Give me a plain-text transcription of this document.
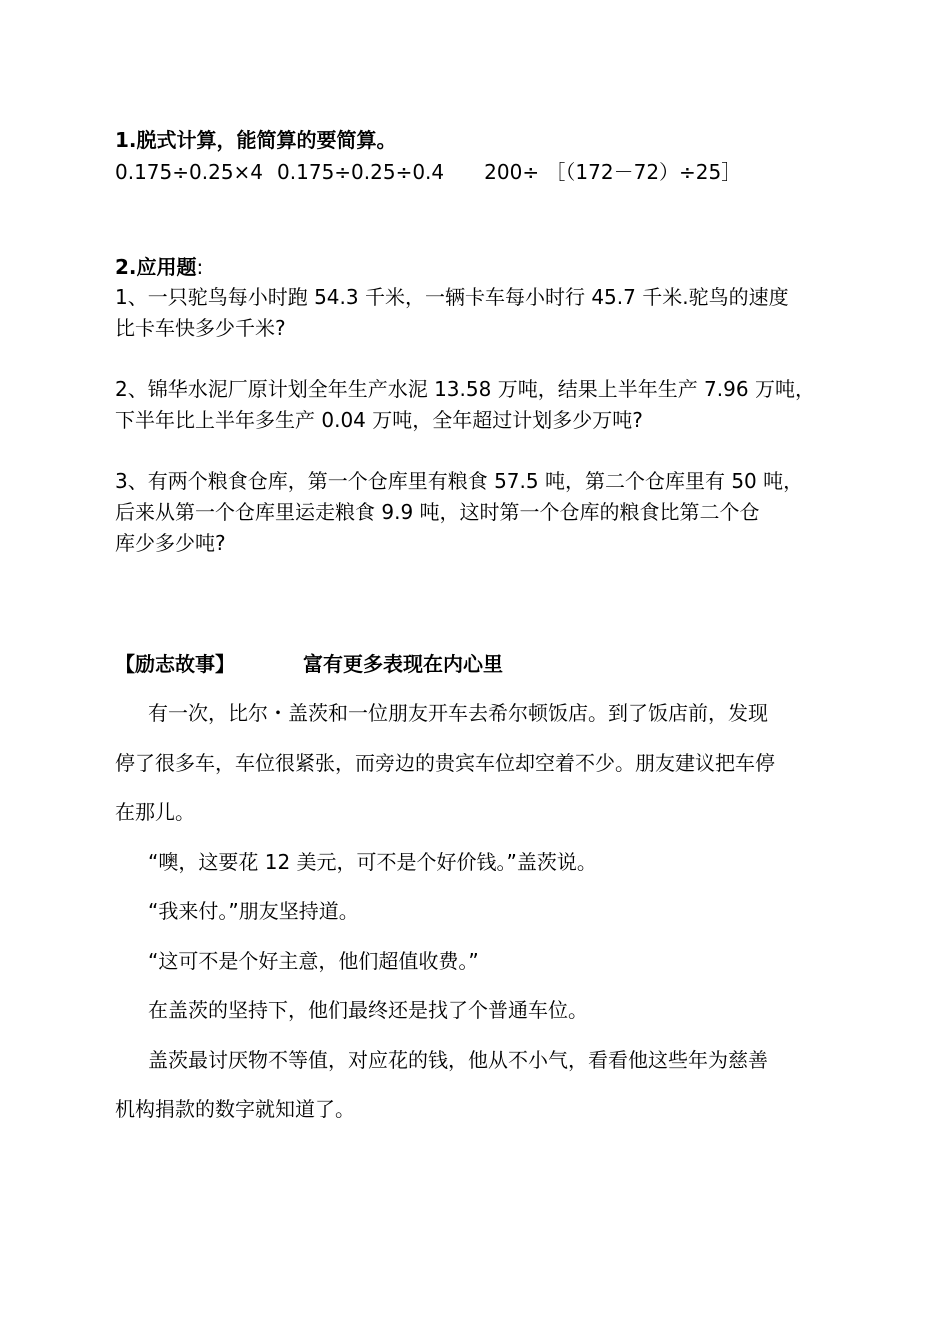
1.脱式计算，能简算的要简算。
0.175÷0.25×4 0.175÷0.25÷0.4 200÷ ［（172－72）÷25］
2.应用题:
1、一只驼鸟每小时跑 54.3 千米，一辆卡车每小时行 45.7 千米.驼鸟的速度
比卡车快多少千米?
2、锦华水泥厂原计划全年生产水泥 13.58 万吨，结果上半年生产 7.96 万吨，
下半年比上半年多生产 0.04 万吨，全年超过计划多少万吨?
3、有两个粮食仓库，第一个仓库里有粮食 57.5 吨，第二个仓库里有 50 吨，
后来从第一个仓库里运走粮食 9.9 吨，这时第一个仓库的粮食比第二个仓
库少多少吨?
【励志故事】	富有更多表现在内心里
有一次，比尔・盖茨和一位朋友开车去希尔顿饭店。到了饭店前，发现
停了很多车，车位很紧张，而旁边的贵宾车位却空着不少。朋友建议把车停
在那儿。
“噢，这要花 12 美元，可不是个好价钱。”盖茨说。
“我来付。”朋友坚持道。
“这可不是个好主意，他们超值收费。”
在盖茨的坚持下，他们最终还是找了个普通车位。
盖茨最讨厌物不等值，对应花的钱，他从不小气，看看他这些年为慈善
机构捐款的数字就知道了。
